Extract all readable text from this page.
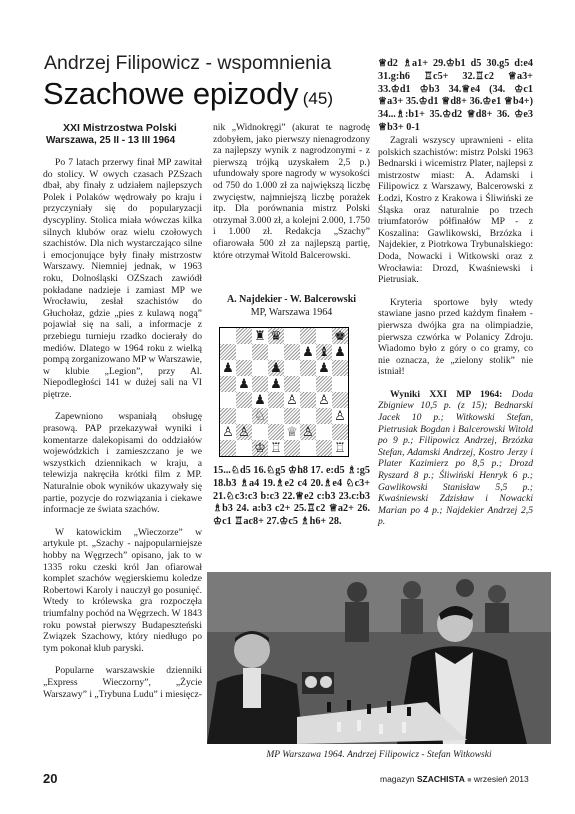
Andrzej Filipowicz - wspomnienia
Szachowe epizody (45)
XXI Mistrzostwa Polski
Warszawa, 25 II - 13 III 1964

Po 7 latach przerwy finał MP zawitał do stolicy. W owych czasach PZSzach dbał, aby finały z udziałem najlepszych Polek i Polaków wędrowały po kraju i przyczyniały się do popularyzacji dyscypliny. Stolica miała wówczas kilka silnych klubów oraz wielu czołowych szachistów. Dla nich wystarczająco silne i emocjonujące były finały mistrzostw Warszawy. Niemniej jednak, w 1963 roku, Dolnośląski OZSzach zawiódł pokładane nadzieje i zamiast MP we Wrocławiu, zesłał szachistów do Głuchołaz, gdzie „pies z kulawą nogą” pojawiał się na sali, a informacje z przebiegu turnieju rzadko docierały do mediów. Dlatego w 1964 roku z wielką pompą zorganizowano MP w Warszawie, w klubie „Legion”, przy Al. Niepodległości 141 w dużej sali na VI piętrze.

Zapewniono wspaniałą obsługę prasową. PAP przekazywał wyniki i komentarze dalekopisami do oddziałów wojewódzkich i zamieszczano je we wszystkich dziennikach w kraju, a telewizja nakręciła krótki film z MP. Naturalnie obok wyników ukazywały się partie, pozycje do rozwiązania i ciekawe informacje ze świata szachów.

W katowickim „Wieczorze” w artykule pt. „Szachy - najpopularniejsze hobby na Węgrzech” opisano, jak to w 1335 roku czeski król Jan ofiarował komplet szachów węgierskiemu koledze Robertowi Karoly i nauczył go posunięć. Wtedy to królewska gra rozpoczęła triumfalny pochód na Węgrzech. W 1843 roku powstał pierwszy Budapeszteński Związek Szachowy, który niedługo po tym pokonał klub paryski.

Popularne warszawskie dzienniki „Express Wieczorny”, „Życie Warszawy” i „Trybuna Ludu” i miesięcz-

nik „Widnokręgi” (akurat te nagrodę zdobyłem, jako pierwszy nienagrodzony za najlepszy wynik z nagrodzonymi - z pierwszą trójką uzyskałem 2,5 p.) ufundowały spore nagrody w wysokości od 750 do 1.000 zł za największą liczbę zwycięstw, najmniejszą liczbę porażek itp. Dla porównania mistrz Polski otrzymał 3.000 zł, a kolejni 2.000, 1.750 i 1.000 zł. Redakcja „Szachy” ofiarowała 500 zł za najlepszą partię, które otrzymał Witold Balcerowski.

A. Najdekier - W. Balcerowski
MP, Warszawa 1964
♜ ♛	♚
♟ ♝ ♟
♟	♟	♟
♟ ♟
♟ ♙ ♙
♘	♙
♙ ♙	♕ ♙
♔ ♖	♖
15...♘d5 16.♘g5 ♔h8 17. e:d5 ♗:g5 18.b3 ♗a4 19.♗e2 c4 20.♗e4 ♘c3+ 21.♘c3:c3 b:c3 22.♕e2 c:b3 23.c:b3 ♗b3 24. a:b3 c2+ 25.♖c2 ♕a2+ 26. ♔c1 ♖ac8+ 27.♔c5 ♗h6+ 28.
♕d2 ♗a1+ 29.♔b1 d5 30.g5 d:e4 31.g:h6 ♖c5+ 32.♖c2 ♕a3+ 33.♔d1 ♔b3 34.♕e4 (34. ♔c1 ♕a3+ 35.♔d1 ♕d8+ 36.♔e1 ♕b4+) 34...♗:b1+ 35.♔d2 ♕d8+ 36. ♔e3 ♕b3+ 0-1

Zagrali wszyscy uprawnieni - elita polskich szachistów: mistrz Polski 1963 Bednarski i wicemistrz Plater, najlepsi z mistrzostw miast: A. Adamski i Filipowicz z Warszawy, Balcerowski z Łodzi, Kostro z Krakowa i Śliwiński ze Śląska oraz naturalnie po trzech triumfatorów półfinałów MP - z Koszalina: Gawlikowski, Brzózka i Najdekier, z Piotrkowa Trybunalskiego: Doda, Nowacki i Witkowski oraz z Wrocławia: Drozd, Kwaśniewski i Pietrusiak.

Kryteria sportowe były wtedy stawiane jasno przed każdym finałem - pierwsza dwójka gra na olimpiadzie, pierwsza czwórka w Polanicy Zdroju. Wiadomo było z góry o co gramy, co nie oznacza, że „zielony stolik” nie istniał!

Wyniki XXI MP 1964: Doda Zbigniew 10,5 p. (z 15); Bednarski Jacek 10 p.; Witkowski Stefan, Pietrusiak Bogdan i Balcerowski Witold po 9 p.; Filipowicz Andrzej, Brzózka Stefan, Adamski Andrzej, Kostro Jerzy i Plater Kazimierz po 8,5 p.; Drozd Ryszard 8 p.; Śliwiński Henryk 6 p.; Gawlikowski Stanisław 5,5 p.; Kwaśniewski Zdzisław i Nowacki Marian po 4 p.; Najdekier Andrzej 2,5 p.

MP Warszawa 1964. Andrzej Filipowicz - Stefan Witkowski
20	magazyn SZACHISTA ■ wrzesień 2013
